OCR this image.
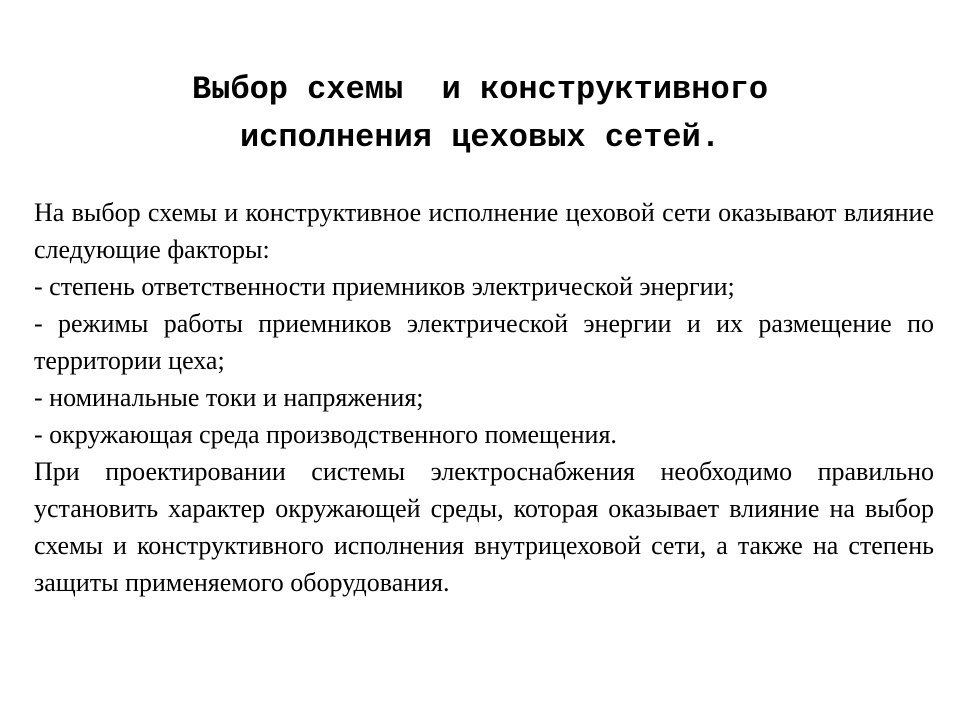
Выбор схемы  и конструктивного
исполнения цеховых сетей.

На выбор схемы и конструктивное исполнение цеховой сети оказывают влияние следующие факторы:

- степень ответственности приемников электрической энергии;

- режимы работы приемников электрической энергии и их размещение по территории цеха;

- номинальные токи и напряжения;

- окружающая среда производственного помещения.

При проектировании системы электроснабжения необходимо правильно установить характер окружающей среды, которая оказывает влияние на выбор схемы и конструктивного исполнения внутрицеховой сети, а также на степень защиты применяемого оборудования.
